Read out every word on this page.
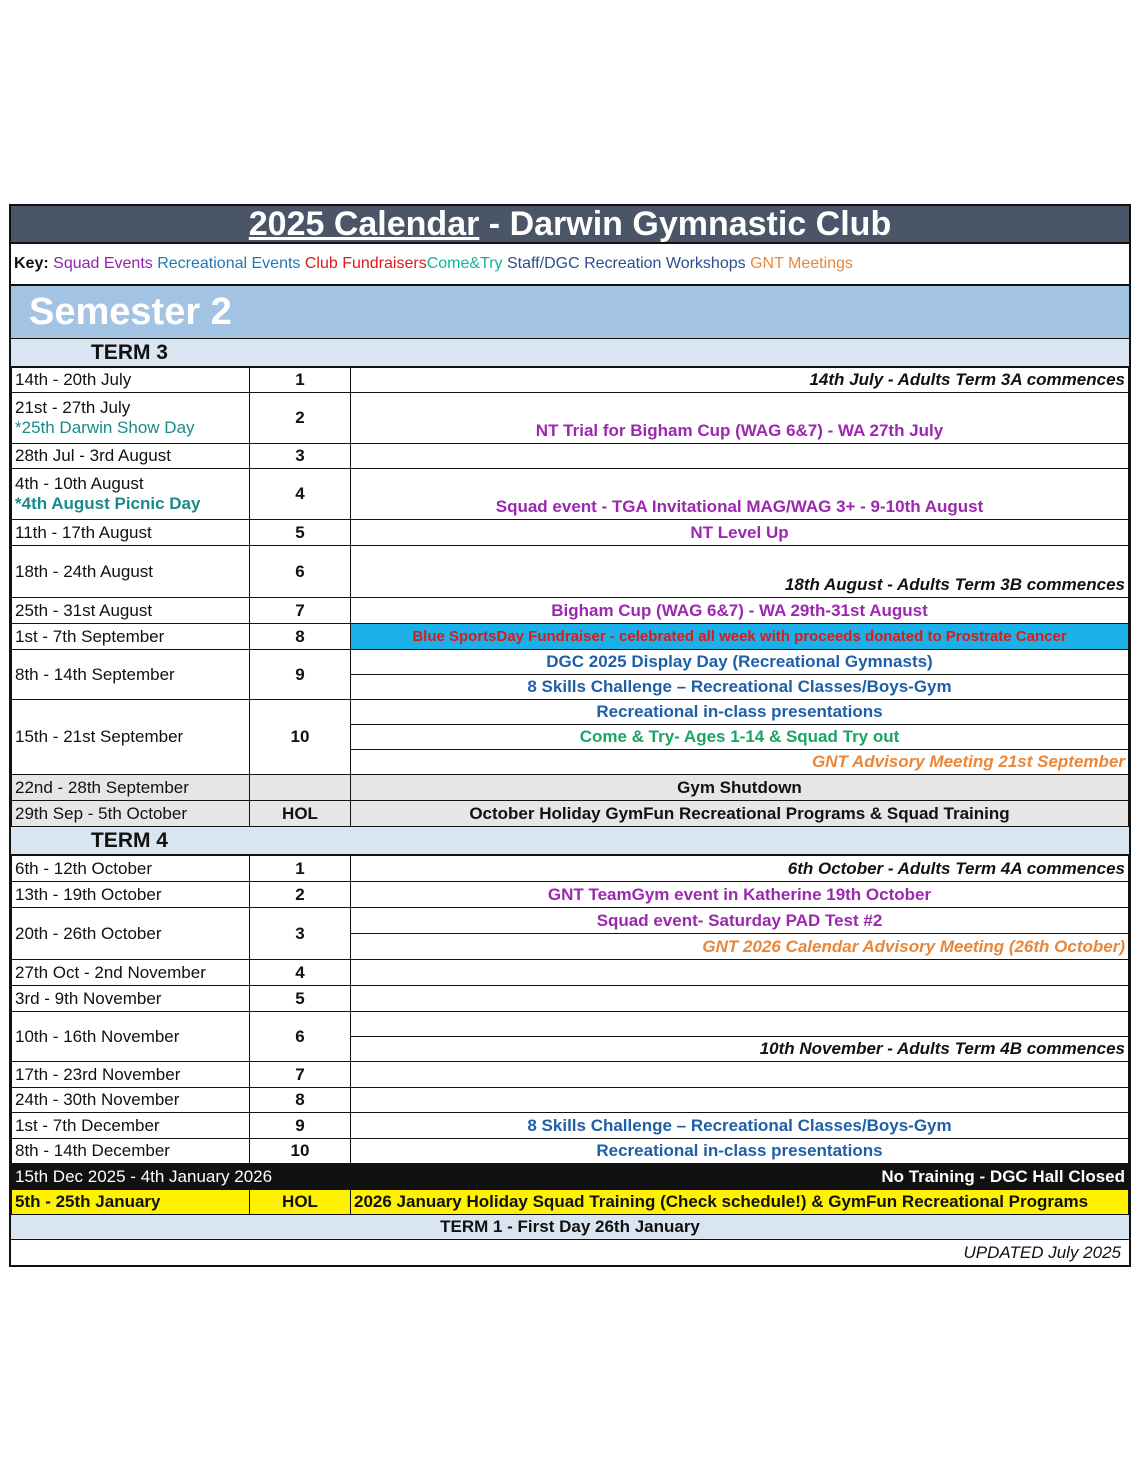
2025 Calendar - Darwin Gymnastic Club
Key: Squad Events Recreational Events Club FundraisersCome&Try Staff/DGC Recreation Workshops GNT Meetings
Semester 2
TERM 3
14th - 20th July	1	14th July - Adults Term 3A commences

21st - 27th July
*25th Darwin Show Day	2	NT Trial for Bigham Cup (WAG 6&7) - WA 27th July
28th Jul - 3rd August	3	

4th - 10th August
*4th August Picnic Day	4	Squad event - TGA Invitational MAG/WAG 3+ - 9-10th August
11th - 17th August	5	NT Level Up
18th - 24th August	6	18th August - Adults Term 3B commences
25th - 31st August	7	Bigham Cup (WAG 6&7) - WA 29th-31st August
1st - 7th September	8	Blue SportsDay Fundraiser - celebrated all week with proceeds donated to Prostrate Cancer
8th - 14th September	9	DGC 2025 Display Day (Recreational Gymnasts)
		8 Skills Challenge – Recreational Classes/Boys-Gym
15th - 21st September	10	Recreational in-class presentations
		Come & Try- Ages 1-14 & Squad Try out
		GNT Advisory Meeting 21st September
22nd - 28th September		Gym Shutdown
29th Sep - 5th October	HOL	October Holiday GymFun Recreational Programs & Squad Training
TERM 4
6th - 12th October	1	6th October - Adults Term 4A commences
13th - 19th October	2	GNT TeamGym event in Katherine 19th October
20th - 26th October	3	Squad event- Saturday PAD Test #2
		GNT 2026 Calendar Advisory Meeting (26th October)
27th Oct - 2nd November	4	
3rd - 9th November	5	
10th - 16th November	6	
		10th November - Adults Term 4B commences
17th - 23rd November	7	
24th - 30th November	8	
1st - 7th December	9	8 Skills Challenge – Recreational Classes/Boys-Gym
8th - 14th December	10	Recreational in-class presentations
15th Dec 2025 - 4th January 2026		No Training - DGC Hall Closed
5th - 25th January	HOL	2026 January Holiday Squad Training (Check schedule!) & GymFun Recreational Programs
TERM 1 - First Day 26th January
UPDATED July 2025
